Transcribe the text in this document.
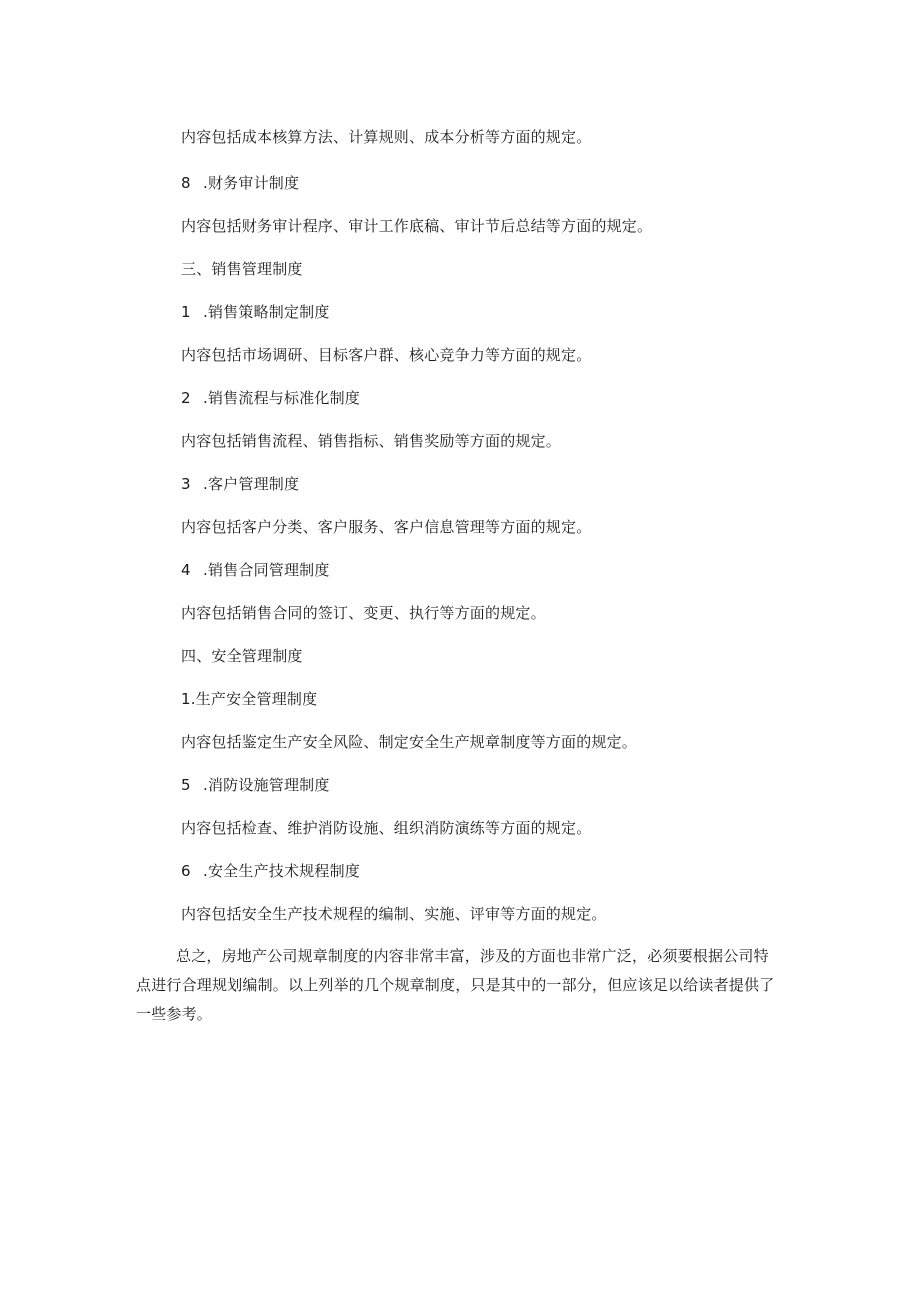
内容包括成本核算方法、计算规则、成本分析等方面的规定。
8 .财务审计制度
内容包括财务审计程序、审计工作底稿、审计节后总结等方面的规定。
三、销售管理制度
1 .销售策略制定制度
内容包括市场调研、目标客户群、核心竞争力等方面的规定。
2 .销售流程与标准化制度
内容包括销售流程、销售指标、销售奖励等方面的规定。
3 .客户管理制度
内容包括客户分类、客户服务、客户信息管理等方面的规定。
4 .销售合同管理制度
内容包括销售合同的签订、变更、执行等方面的规定。
四、安全管理制度
1.生产安全管理制度
内容包括鉴定生产安全风险、制定安全生产规章制度等方面的规定。
5 .消防设施管理制度
内容包括检查、维护消防设施、组织消防演练等方面的规定。
6 .安全生产技术规程制度
内容包括安全生产技术规程的编制、实施、评审等方面的规定。
总之，房地产公司规章制度的内容非常丰富，涉及的方面也非常广泛，必须要根据公司特点进行合理规划编制。以上列举的几个规章制度，只是其中的一部分，但应该足以给读者提供了一些参考。
